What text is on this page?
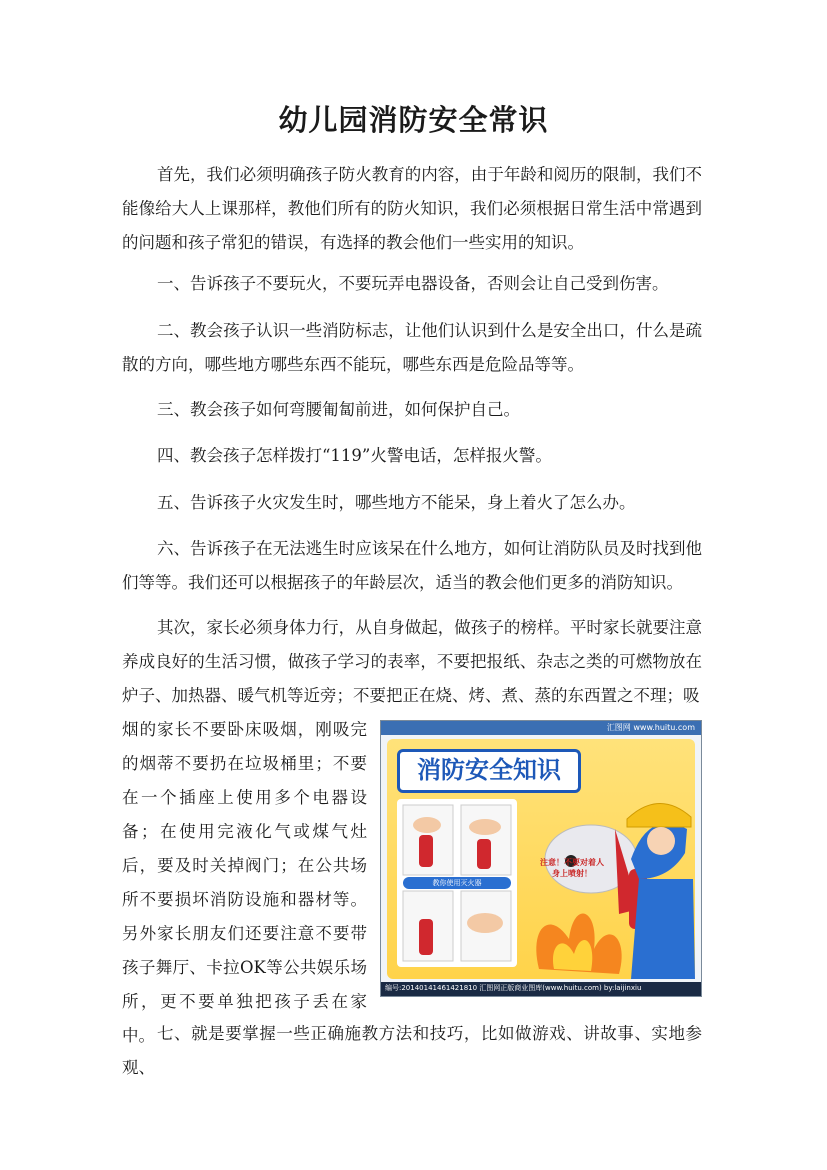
幼儿园消防安全常识

首先，我们必须明确孩子防火教育的内容，由于年龄和阅历的限制，我们不能像给大人上课那样，教他们所有的防火知识，我们必须根据日常生活中常遇到的问题和孩子常犯的错误，有选择的教会他们一些实用的知识。

一、告诉孩子不要玩火，不要玩弄电器设备，否则会让自己受到伤害。

二、教会孩子认识一些消防标志，让他们认识到什么是安全出口，什么是疏散的方向，哪些地方哪些东西不能玩，哪些东西是危险品等等。

三、教会孩子如何弯腰匍匐前进，如何保护自己。

四、教会孩子怎样拨打“119”火警电话，怎样报火警。

五、告诉孩子火灾发生时，哪些地方不能呆，身上着火了怎么办。

六、告诉孩子在无法逃生时应该呆在什么地方，如何让消防队员及时找到他们等等。我们还可以根据孩子的年龄层次，适当的教会他们更多的消防知识。

其次，家长必须身体力行，从自身做起，做孩子的榜样。平时家长就要注意养成良好的生活习惯，做孩子学习的表率，不要把报纸、杂志之类的可燃物放在炉子、加热器、暖气机等近旁；不要把正在烧、烤、煮、蒸的东西置之不理；吸

烟的家长不要卧床吸烟，刚吸完的烟蒂不要扔在垃圾桶里；不要在一个插座上使用多个电器设备；在使用完液化气或煤气灶后，要及时关掉阀门；在公共场所不要损坏消防设施和器材等。另外家长朋友们还要注意不要带孩子舞厅、卡拉OK等公共娱乐场所，更不要单独把孩子丢在家中。

汇图网 www.huitu.com
消防安全知识
教你使用灭火器
注意！不要对着人身上喷射！
编号:20140141461421810 汇图网正版商业图库(www.huitu.com) by:laijinxiu

七、就是要掌握一些正确施教方法和技巧，比如做游戏、讲故事、实地参观、
